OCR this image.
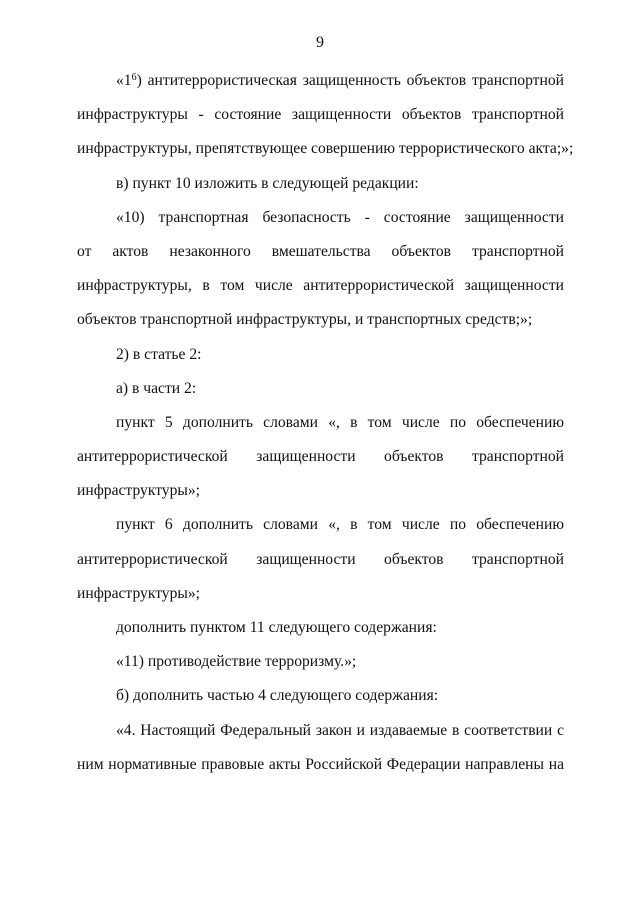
9
«$1^6$) антитеррористическая защищенность объектов транспортной
инфраструктуры - состояние защищенности объектов транспортной
инфраструктуры, препятствующее совершению террористического акта;»;

в) пункт 10 изложить в следующей редакции:

«10) транспортная безопасность - состояние защищенности
от актов незаконного вмешательства объектов транспортной
инфраструктуры, в том числе антитеррористической защищенности
объектов транспортной инфраструктуры, и транспортных средств;»;

2) в статье 2:

а) в части 2:

пункт 5 дополнить словами «, в том числе по обеспечению
антитеррористической защищенности объектов транспортной
инфраструктуры»;
пункт 6 дополнить словами «, в том числе по обеспечению
антитеррористической защищенности объектов транспортной
инфраструктуры»;

дополнить пунктом 11 следующего содержания:

«11) противодействие терроризму.»;

б) дополнить частью 4 следующего содержания:

«4. Настоящий Федеральный закон и издаваемые в соответствии с
ним нормативные правовые акты Российской Федерации направлены на
